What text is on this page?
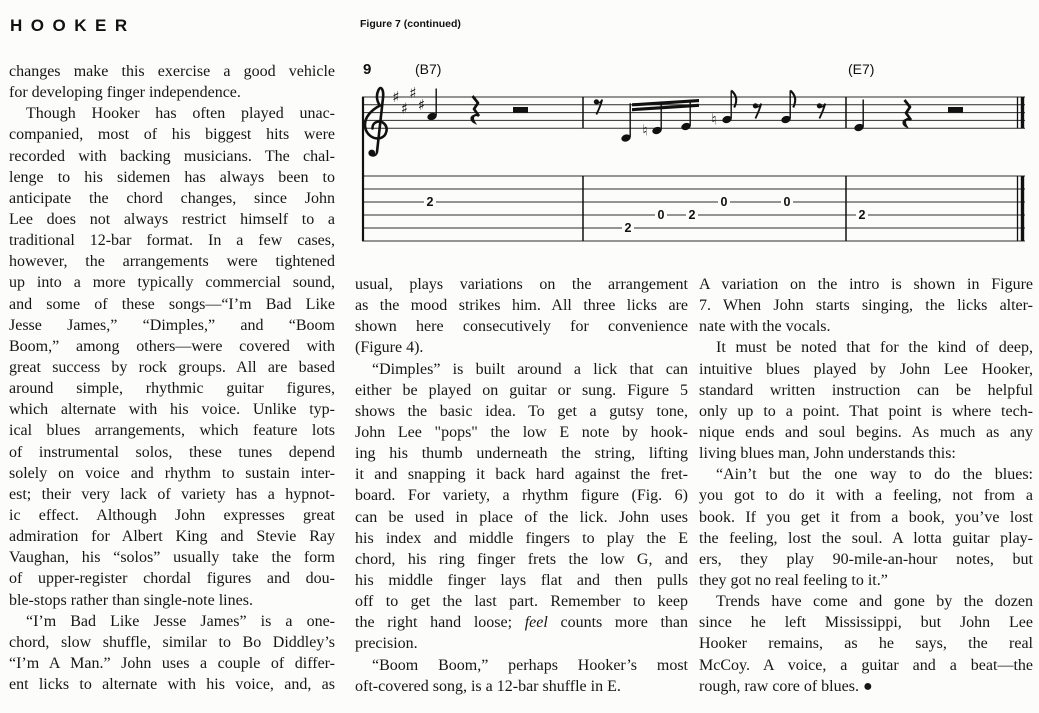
HOOKER	Figure 7 (continued)
9	(B7)	(E7)
♯
♯
♯
♯
♮
♮
2
2
0 2
0	0
2
changes make this exercise a good vehicle
for developing finger independence.
Though Hooker has often played unac-
companied, most of his biggest hits were
recorded with backing musicians. The chal-
lenge to his sidemen has always been to
anticipate the chord changes, since John
Lee does not always restrict himself to a
traditional 12-bar format. In a few cases,
however, the arrangements were tightened
up into a more typically commercial sound,
and some of these songs—“I’m Bad Like
Jesse James,” “Dimples,” and “Boom
Boom,” among others—were covered with
great success by rock groups. All are based
around simple, rhythmic guitar figures,
which alternate with his voice. Unlike typ-
ical blues arrangements, which feature lots
of instrumental solos, these tunes depend
solely on voice and rhythm to sustain inter-
est; their very lack of variety has a hypnot-
ic effect. Although John expresses great
admiration for Albert King and Stevie Ray
Vaughan, his “solos” usually take the form
of upper-register chordal figures and dou-
ble-stops rather than single-note lines.
“I’m Bad Like Jesse James” is a one-
chord, slow shuffle, similar to Bo Diddley’s
“I’m A Man.” John uses a couple of differ-
ent licks to alternate with his voice, and, as
usual, plays variations on the arrangement
as the mood strikes him. All three licks are
shown here consecutively for convenience
(Figure 4).
“Dimples” is built around a lick that can
either be played on guitar or sung. Figure 5
shows the basic idea. To get a gutsy tone,
John Lee "pops" the low E note by hook-
ing his thumb underneath the string, lifting
it and snapping it back hard against the fret-
board. For variety, a rhythm figure (Fig. 6)
can be used in place of the lick. John uses
his index and middle fingers to play the E
chord, his ring finger frets the low G, and
his middle finger lays flat and then pulls
off to get the last part. Remember to keep
the right hand loose; feel counts more than
precision.
“Boom Boom,” perhaps Hooker’s most
oft-covered song, is a 12-bar shuffle in E.
A variation on the intro is shown in Figure
7. When John starts singing, the licks alter-
nate with the vocals.
It must be noted that for the kind of deep,
intuitive blues played by John Lee Hooker,
standard written instruction can be helpful
only up to a point. That point is where tech-
nique ends and soul begins. As much as any
living blues man, John understands this:
“Ain’t but the one way to do the blues:
you got to do it with a feeling, not from a
book. If you get it from a book, you’ve lost
the feeling, lost the soul. A lotta guitar play-
ers, they play 90-mile-an-hour notes, but
they got no real feeling to it.”
Trends have come and gone by the dozen
since he left Mississippi, but John Lee
Hooker remains, as he says, the real
McCoy. A voice, a guitar and a beat—the
rough, raw core of blues. ●
